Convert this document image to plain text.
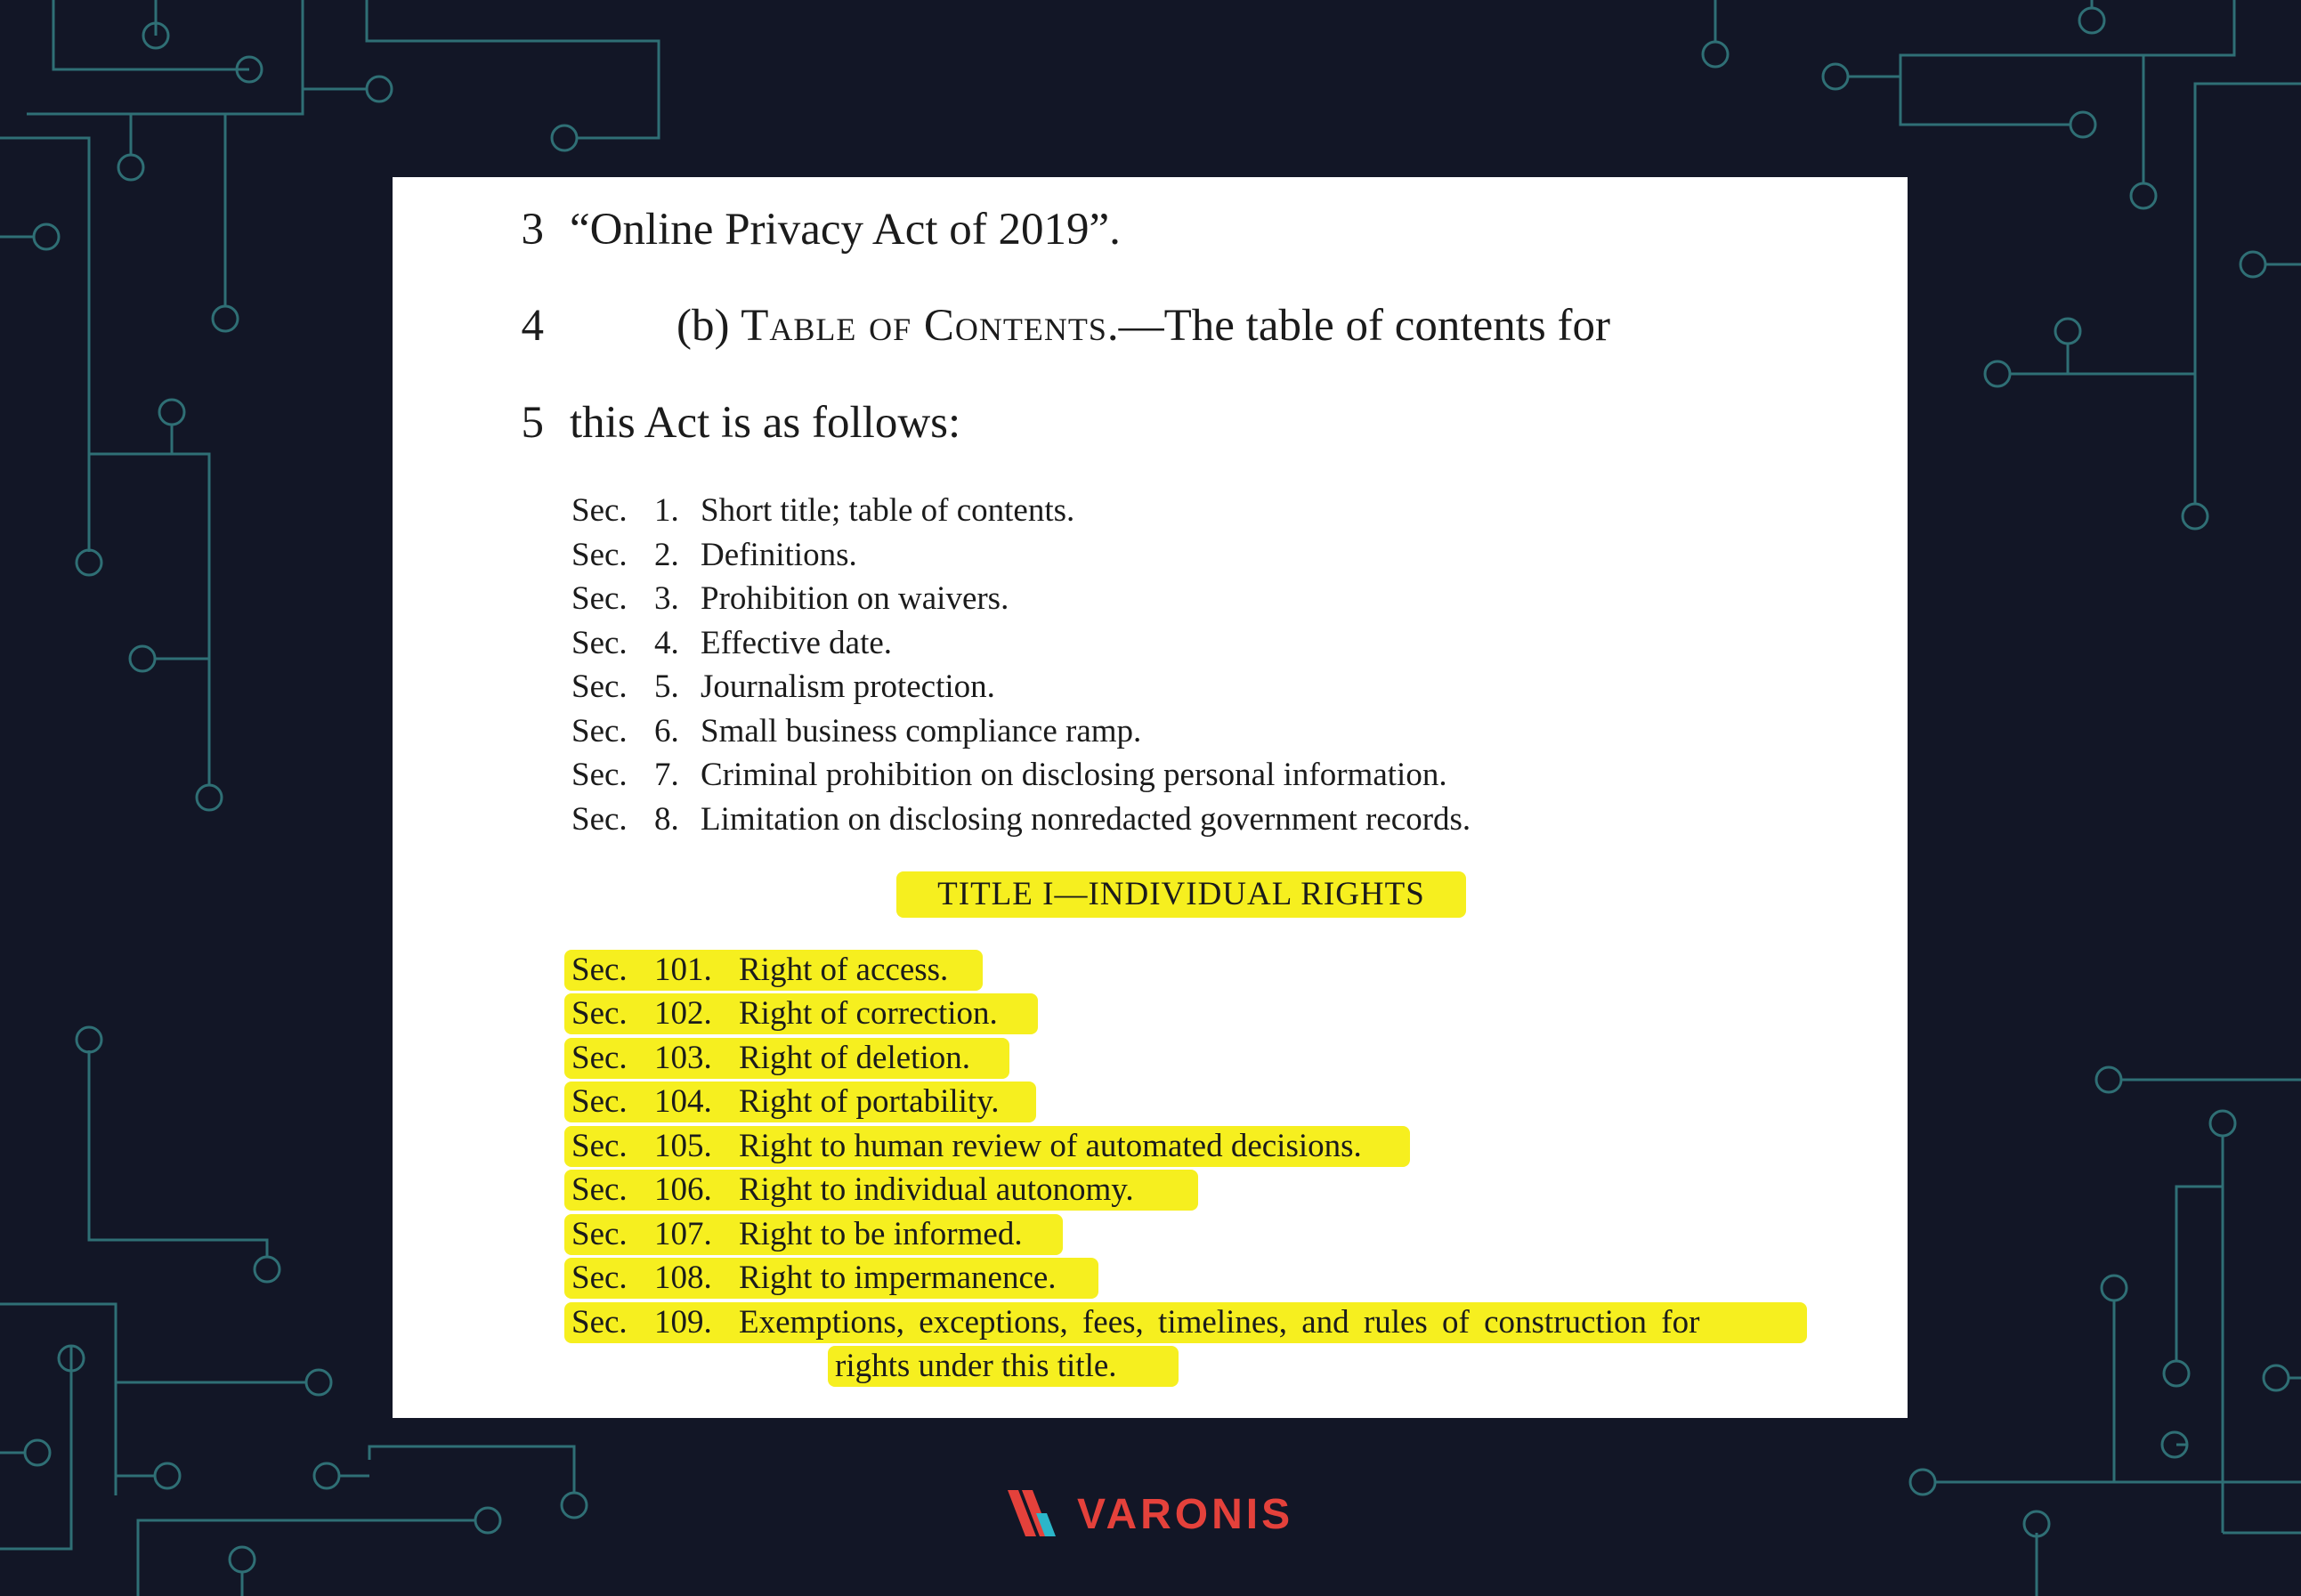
3 “Online Privacy Act of 2019”.
4	(b) Table of Contents.—The table of contents for
5 this Act is as follows:
Sec. 1. Short title; table of contents.
Sec. 2. Definitions.
Sec. 3. Prohibition on waivers.
Sec. 4. Effective date.
Sec. 5. Journalism protection.
Sec. 6. Small business compliance ramp.
Sec. 7. Criminal prohibition on disclosing personal information.
Sec. 8. Limitation on disclosing nonredacted government records.
TITLE I—INDIVIDUAL RIGHTS
Sec. 101. Right of access.
Sec. 102. Right of correction.
Sec. 103. Right of deletion.
Sec. 104. Right of portability.
Sec. 105. Right to human review of automated decisions.
Sec. 106. Right to individual autonomy.
Sec. 107. Right to be informed.
Sec. 108. Right to impermanence.
Sec. 109. Exemptions, exceptions, fees, timelines, and rules of construction for
rights under this title.
VARONIS
